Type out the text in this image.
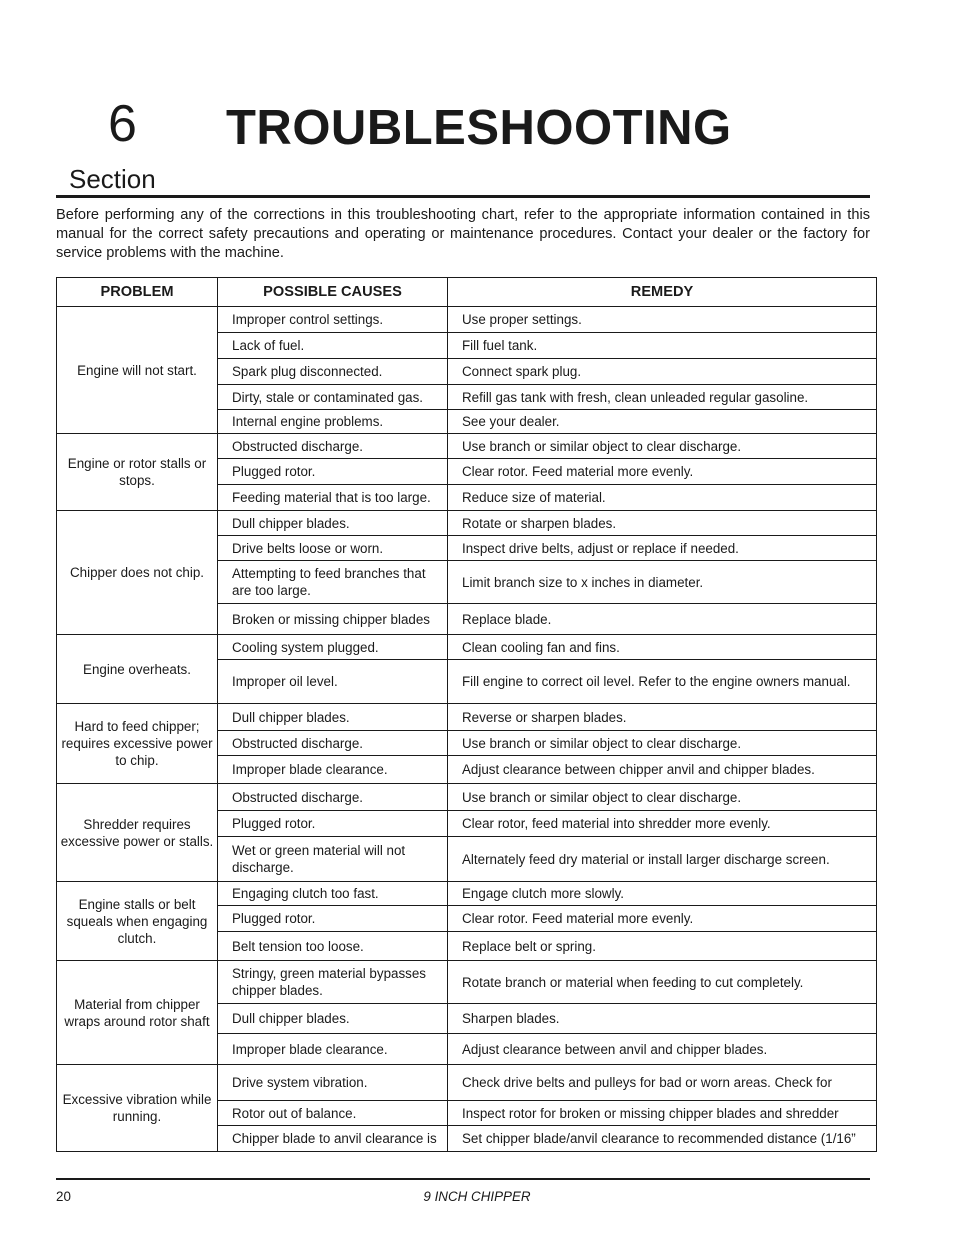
6 TROUBLESHOOTING
Section

Before performing any of the corrections in this troubleshooting chart, refer to the appropriate information contained in this manual for the correct safety precautions and operating or maintenance procedures. Contact your dealer or the factory for service problems with the machine.

PROBLEM	POSSIBLE CAUSES	REMEDY
Engine will not start.	Improper control settings.	Use proper settings.
	Lack of fuel.	Fill fuel tank.
	Spark plug disconnected.	Connect spark plug.
	Dirty, stale or contaminated gas.	Refill gas tank with fresh, clean unleaded regular gasoline.
	Internal engine problems.	See your dealer.
Engine or rotor stalls or stops.	Obstructed discharge.	Use branch or similar object to clear discharge.
	Plugged rotor.	Clear rotor. Feed material more evenly.
	Feeding material that is too large.	Reduce size of material.
Chipper does not chip.	Dull chipper blades.	Rotate or sharpen blades.
	Drive belts loose or worn.	Inspect drive belts, adjust or replace if needed.
	Attempting to feed branches that are too large.	Limit branch size to x inches in diameter.
	Broken or missing chipper blades	Replace blade.
Engine overheats.	Cooling system plugged.	Clean cooling fan and fins.
	Improper oil level.	Fill engine to correct oil level. Refer to the engine owners manual.
Hard to feed chipper; requires excessive power to chip.	Dull chipper blades.	Reverse or sharpen blades.
	Obstructed discharge.	Use branch or similar object to clear discharge.
	Improper blade clearance.	Adjust clearance between chipper anvil and chipper blades.
Shredder requires excessive power or stalls.	Obstructed discharge.	Use branch or similar object to clear discharge.
	Plugged rotor.	Clear rotor, feed material into shredder more evenly.
	Wet or green material will not discharge.	Alternately feed dry material or install larger discharge screen.
Engine stalls or belt squeals when engaging clutch.	Engaging clutch too fast.	Engage clutch more slowly.
	Plugged rotor.	Clear rotor. Feed material more evenly.
	Belt tension too loose.	Replace belt or spring.
Material from chipper wraps around rotor shaft	Stringy, green material bypasses chipper blades.	Rotate branch or material when feeding to cut completely.
	Dull chipper blades.	Sharpen blades.
	Improper blade clearance.	Adjust clearance between anvil and chipper blades.
Excessive vibration while running.	Drive system vibration.	Check drive belts and pulleys for bad or worn areas. Check for
	Rotor out of balance.	Inspect rotor for broken or missing chipper blades and shredder
	Chipper blade to anvil clearance is	Set chipper blade/anvil clearance to recommended distance (1/16”
20	9 INCH CHIPPER
